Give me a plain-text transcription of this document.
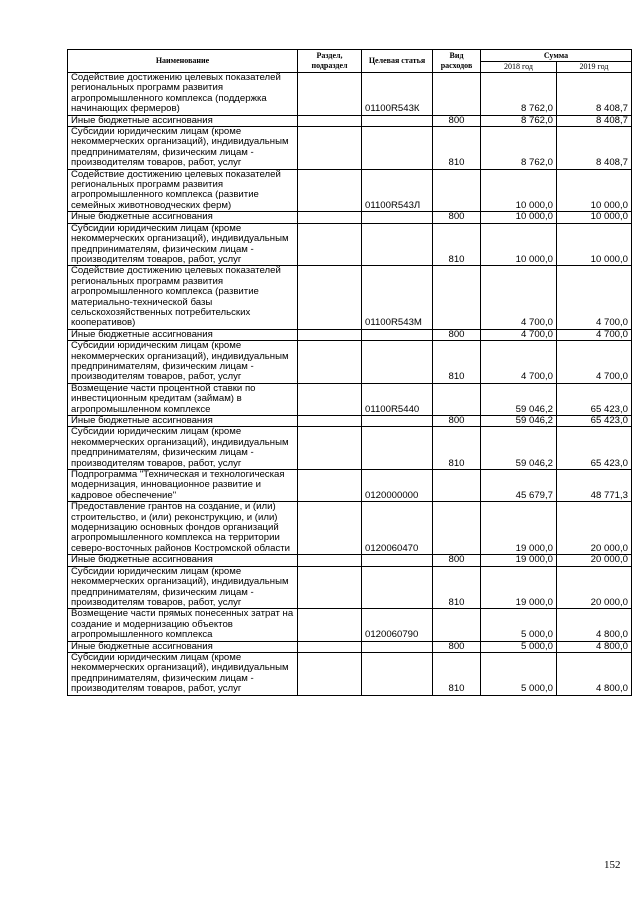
Наименование	Раздел, подраздел	Целевая статья	Вид расходов	Сумма	
				2018 год	2019 год
Содействие достижению целевых показателей региональных программ развития агропромышленного комплекса (поддержка начинающих фермеров)		01100R543К		8 762,0	8 408,7
Иные бюджетные ассигнования			800	8 762,0	8 408,7
Субсидии юридическим лицам (кроме некоммерческих организаций), индивидуальным предпринимателям, физическим лицам - производителям товаров, работ, услуг			810	8 762,0	8 408,7
Содействие достижению целевых показателей региональных программ развития агропромышленного комплекса (развитие семейных животноводческих ферм)		01100R543Л		10 000,0	10 000,0
Иные бюджетные ассигнования			800	10 000,0	10 000,0
Субсидии юридическим лицам (кроме некоммерческих организаций), индивидуальным предпринимателям, физическим лицам - производителям товаров, работ, услуг			810	10 000,0	10 000,0
Содействие достижению целевых показателей региональных программ развития агропромышленного комплекса (развитие материально-технической базы сельскохозяйственных потребительских кооперативов)		01100R543М		4 700,0	4 700,0
Иные бюджетные ассигнования			800	4 700,0	4 700,0
Субсидии юридическим лицам (кроме некоммерческих организаций), индивидуальным предпринимателям, физическим лицам - производителям товаров, работ, услуг			810	4 700,0	4 700,0
Возмещение части процентной ставки по инвестиционным кредитам (займам) в агропромышленном комплексе		01100R5440		59 046,2	65 423,0
Иные бюджетные ассигнования			800	59 046,2	65 423,0
Субсидии юридическим лицам (кроме некоммерческих организаций), индивидуальным предпринимателям, физическим лицам - производителям товаров, работ, услуг			810	59 046,2	65 423,0
Подпрограмма "Техническая и технологическая модернизация, инновационное развитие и кадровое обеспечение"		0120000000		45 679,7	48 771,3
Предоставление грантов на создание, и (или) строительство, и (или) реконструкцию, и (или) модернизацию основных фондов организаций агропромышленного комплекса на территории северо-восточных районов Костромской области		0120060470		19 000,0	20 000,0
Иные бюджетные ассигнования			800	19 000,0	20 000,0
Субсидии юридическим лицам (кроме некоммерческих организаций), индивидуальным предпринимателям, физическим лицам - производителям товаров, работ, услуг			810	19 000,0	20 000,0
Возмещение части прямых понесенных затрат на создание и модернизацию объектов агропромышленного комплекса		0120060790		5 000,0	4 800,0
Иные бюджетные ассигнования			800	5 000,0	4 800,0
Субсидии юридическим лицам (кроме некоммерческих организаций), индивидуальным предпринимателям, физическим лицам - производителям товаров, работ, услуг			810	5 000,0	4 800,0
152
